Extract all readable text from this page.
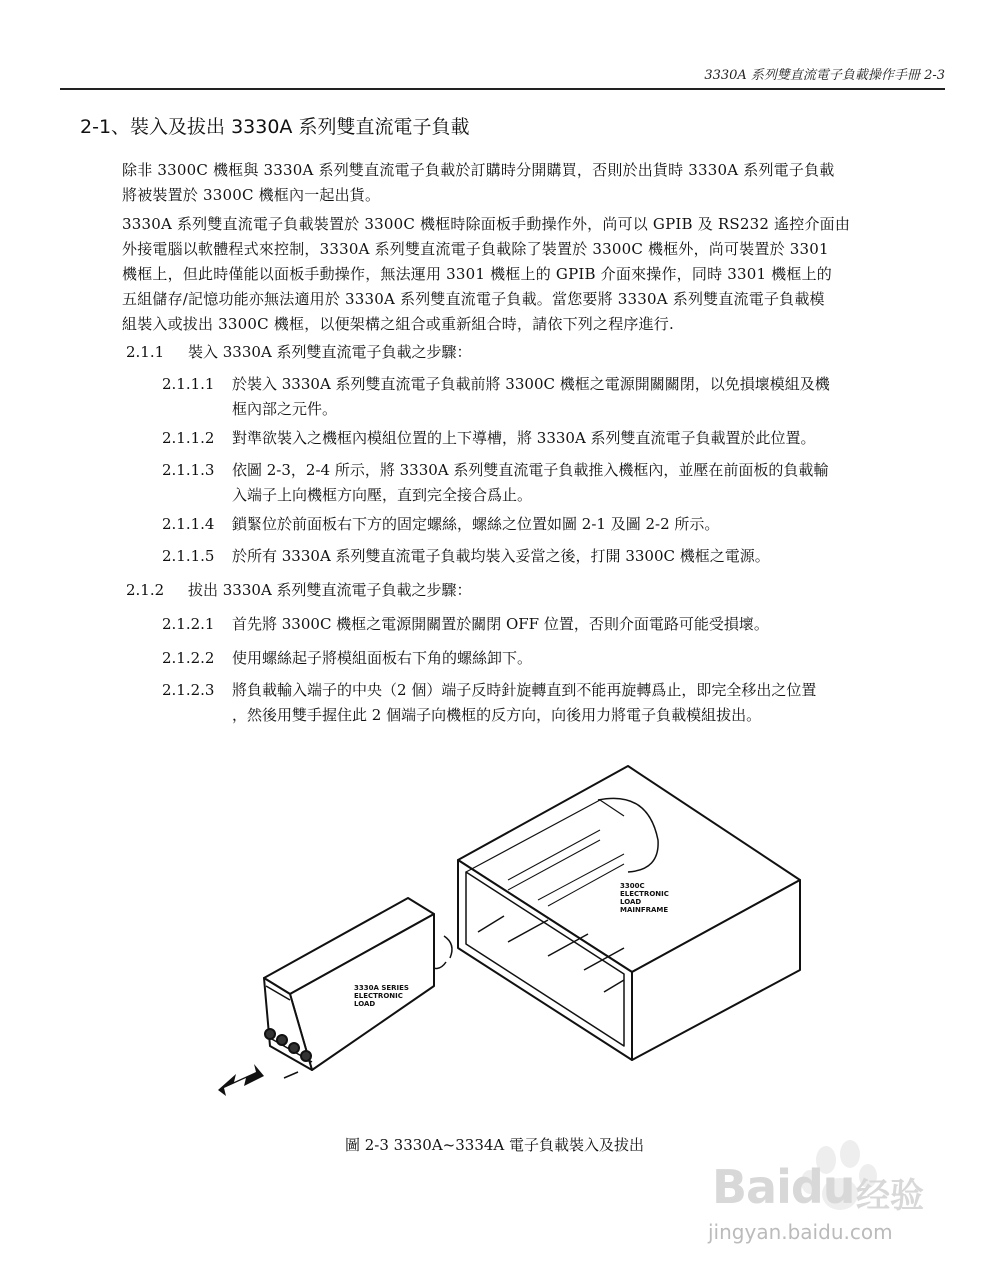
3330A 系列雙直流電子負載操作手冊 2-3
2-1、裝入及拔出 3330A 系列雙直流電子負載
除非 3300C 機框與 3330A 系列雙直流電子負載於訂購時分開購買，否則於出貨時 3330A 系列電子負載
將被裝置於 3300C 機框內一起出貨。
3330A 系列雙直流電子負載裝置於 3300C 機框時除面板手動操作外，尚可以 GPIB 及 RS232 遙控介面由
外接電腦以軟體程式來控制，3330A 系列雙直流電子負載除了裝置於 3300C 機框外，尚可裝置於 3301
機框上，但此時僅能以面板手動操作，無法運用 3301 機框上的 GPIB 介面來操作，同時 3301 機框上的
五組儲存/記憶功能亦無法適用於 3330A 系列雙直流電子負載。當您要將 3330A 系列雙直流電子負載模
組裝入或拔出 3300C 機框，以便架構之組合或重新組合時，請依下列之程序進行.
2.1.1 裝入 3330A 系列雙直流電子負載之步驟：
2.1.1.1 於裝入 3330A 系列雙直流電子負載前將 3300C 機框之電源開關關閉，以免損壞模組及機
框內部之元件。
2.1.1.2 對準欲裝入之機框內模組位置的上下導槽，將 3330A 系列雙直流電子負載置於此位置。
2.1.1.3 依圖 2-3，2-4 所示，將 3330A 系列雙直流電子負載推入機框內，並壓在前面板的負載輸
入端子上向機框方向壓，直到完全接合爲止。
2.1.1.4 鎖緊位於前面板右下方的固定螺絲，螺絲之位置如圖 2-1 及圖 2-2 所示。
2.1.1.5 於所有 3330A 系列雙直流電子負載均裝入妥當之後，打開 3300C 機框之電源。
2.1.2 拔出 3330A 系列雙直流電子負載之步驟：
2.1.2.1 首先將 3300C 機框之電源開關置於關閉 OFF 位置，否則介面電路可能受損壞。
2.1.2.2 使用螺絲起子將模組面板右下角的螺絲卸下。
2.1.2.3 將負載輸入端子的中央（2 個）端子反時針旋轉直到不能再旋轉爲止，即完全移出之位置
，然後用雙手握住此 2 個端子向機框的反方向，向後用力將電子負載模組拔出。
3300C ELECTRONIC LOAD MAINFRAME
3330A SERIES ELECTRONIC LOAD
圖 2-3 3330A~3334A 電子負載裝入及拔出
Baidu 经验
jingyan.baidu.com
